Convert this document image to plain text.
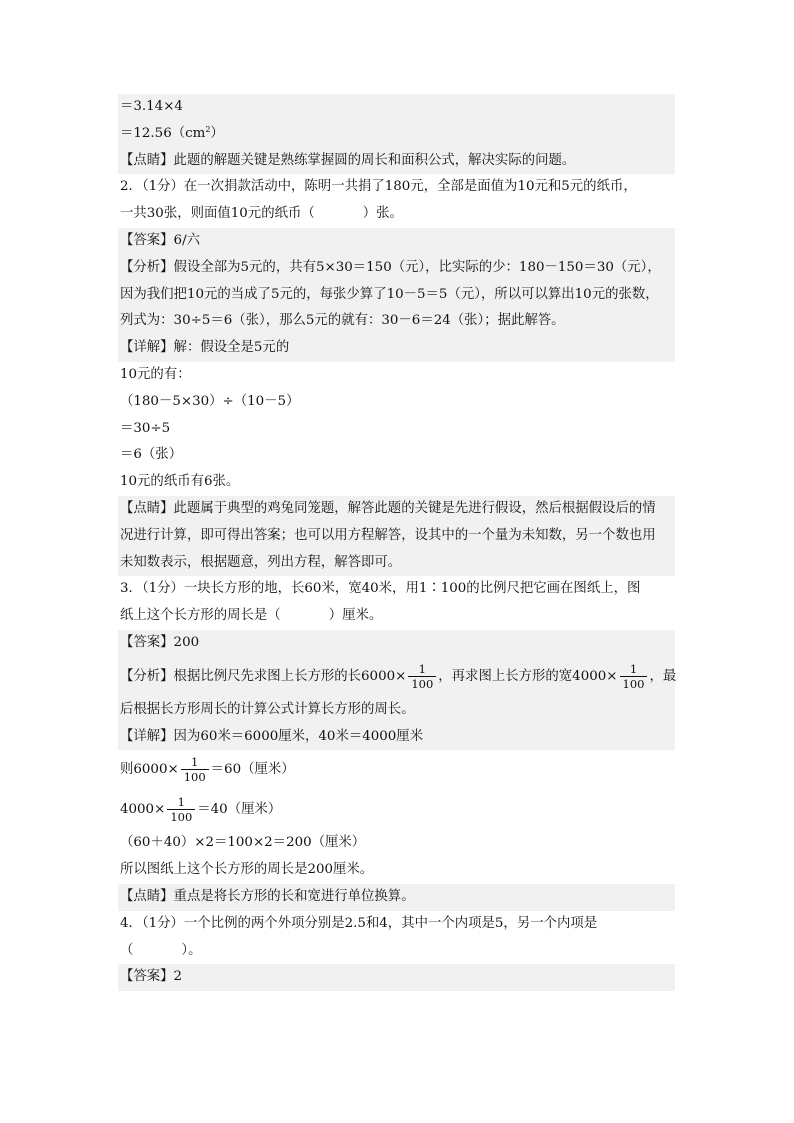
＝3.14×4
$=12.56(cm^2)$
【点睛】此题的解题关键是熟练掌握圆的周长和面积公式，解决实际的问题。
2．（1分）在一次捐款活动中，陈明一共捐了180元，全部是面值为10元和5元的纸币，
一共30张，则面值10元的纸币（	）张。
【答案】6/六
【分析】假设全部为5元的，共有5×30＝150（元），比实际的少：180－150＝30（元），
因为我们把10元的当成了5元的，每张少算了10－5＝5（元），所以可以算出10元的张数，
列式为：30÷5＝6（张），那么5元的就有：30－6＝24（张）；据此解答。
【详解】解：假设全是5元的
10元的有：
（180－5×30）÷（10－5）
＝30÷5
＝6（张）
10元的纸币有6张。
【点睛】此题属于典型的鸡兔同笼题，解答此题的关键是先进行假设，然后根据假设后的情
况进行计算，即可得出答案；也可以用方程解答，设其中的一个量为未知数，另一个数也用
未知数表示，根据题意，列出方程，解答即可。
3．（1分）一块长方形的地，长60米，宽40米，用1∶100的比例尺把它画在图纸上，图
纸上这个长方形的周长是（	）厘米。
【答案】200
【分析】根据比例尺先求图上长方形的长$6000\times \frac{1}{100}$ ，再求图上长方形的宽$4000\times \frac{1}{100}$ ，最
后根据长方形周长的计算公式计算长方形的周长。
【详解】因为60米＝6000厘米，40米＝4000厘米
则$6000\times \frac{1}{100} =60$（厘米）
$4000\times \frac{1}{100} =40$（厘米）
（60＋40）×2＝100×2＝200（厘米）
所以图纸上这个长方形的周长是200厘米。
【点睛】重点是将长方形的长和宽进行单位换算。
4．（1分）一个比例的两个外项分别是2.5和4，其中一个内项是5，另一个内项是
（	）。
【答案】2
